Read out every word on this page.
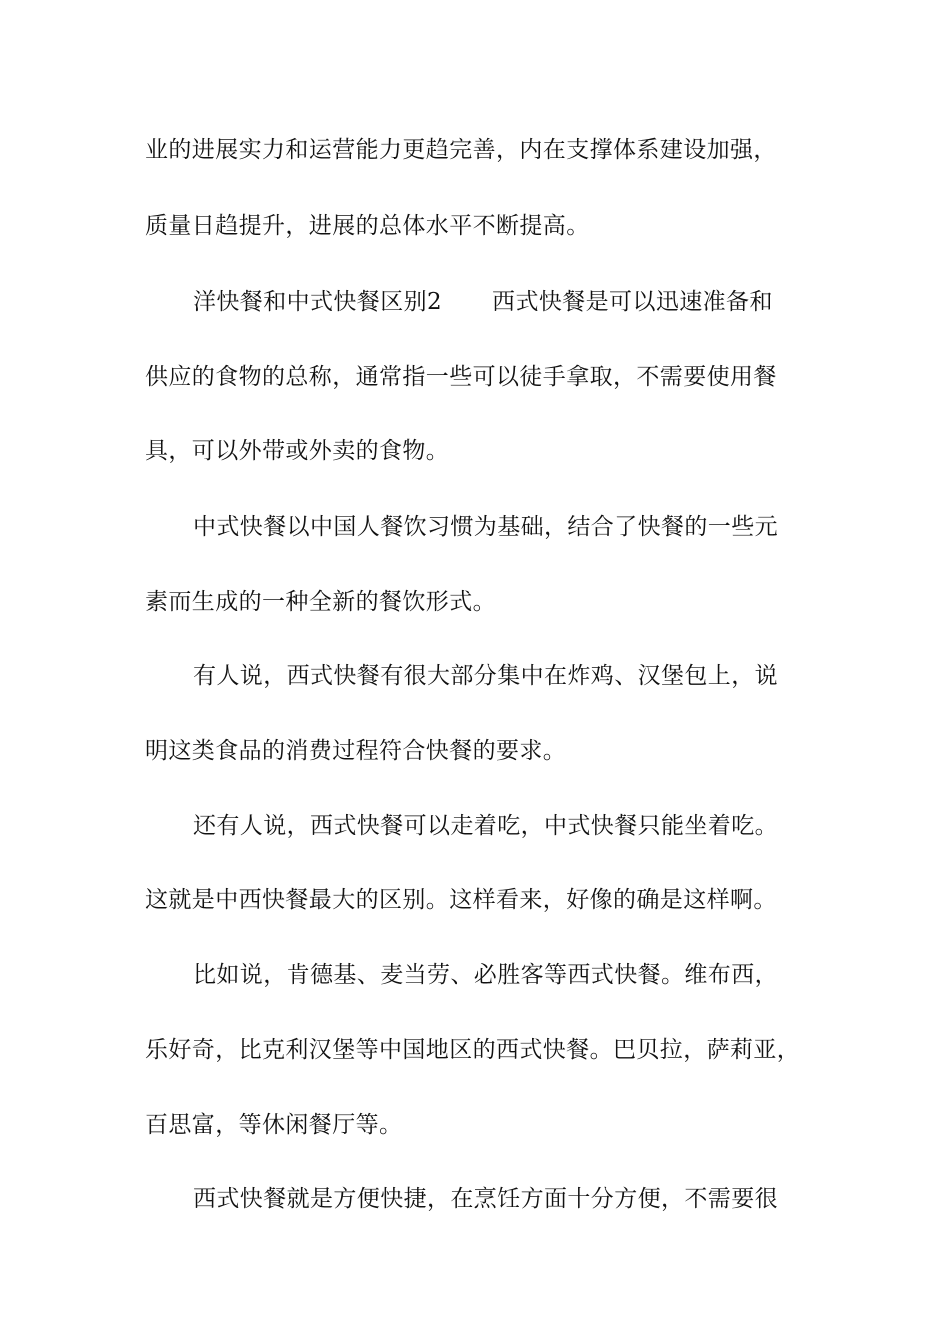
业的进展实力和运营能力更趋完善，内在支撑体系建设加强，
质量日趋提升，进展的总体水平不断提高。
洋快餐和中式快餐区别2 西式快餐是可以迅速准备和
供应的食物的总称，通常指一些可以徒手拿取，不需要使用餐
具，可以外带或外卖的食物。
中式快餐以中国人餐饮习惯为基础，结合了快餐的一些元
素而生成的一种全新的餐饮形式。
有人说，西式快餐有很大部分集中在炸鸡、汉堡包上，说
明这类食品的消费过程符合快餐的要求。
还有人说，西式快餐可以走着吃，中式快餐只能坐着吃。
这就是中西快餐最大的区别。这样看来，好像的确是这样啊。
比如说，肯德基、麦当劳、必胜客等西式快餐。维布西，
乐好奇，比克利汉堡等中国地区的西式快餐。巴贝拉，萨莉亚，
百思富，等休闲餐厅等。
西式快餐就是方便快捷，在烹饪方面十分方便，不需要很
